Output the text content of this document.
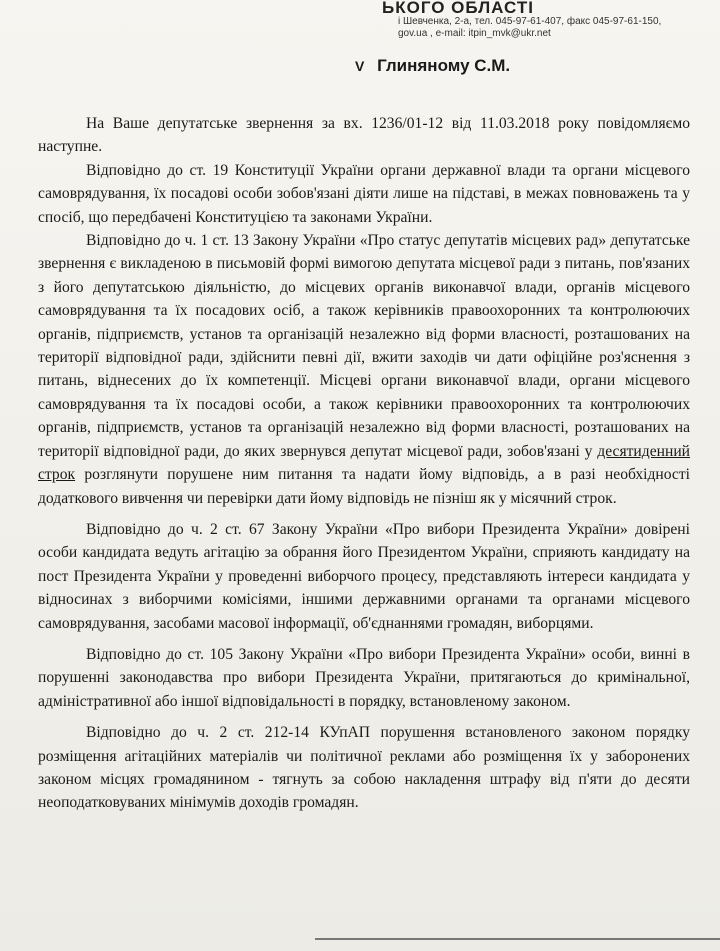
ЬКОГО ОБЛАСТІ
і Шевченка, 2-а, тел. 045-97-61-407, факс 045-97-61-150,
gov.ua , e-mail: itpin_mvk@ukr.net
V Глиняному С.М.

На Ваше депутатське звернення за вх. 1236/01-12 від 11.03.2018 року повідомляємо наступне.

Відповідно до ст. 19 Конституції України органи державної влади та органи місцевого самоврядування, їх посадові особи зобов'язані діяти лише на підставі, в межах повноважень та у спосіб, що передбачені Конституцією та законами України.

Відповідно до ч. 1 ст. 13 Закону України «Про статус депутатів місцевих рад» депутатське звернення є викладеною в письмовій формі вимогою депутата місцевої ради з питань, пов'язаних з його депутатською діяльністю, до місцевих органів виконавчої влади, органів місцевого самоврядування та їх посадових осіб, а також керівників правоохоронних та контролюючих органів, підприємств, установ та організацій незалежно від форми власності, розташованих на території відповідної ради, здійснити певні дії, вжити заходів чи дати офіційне роз'яснення з питань, віднесених до їх компетенції. Місцеві органи виконавчої влади, органи місцевого самоврядування та їх посадові особи, а також керівники правоохоронних та контролюючих органів, підприємств, установ та організацій незалежно від форми власності, розташованих на території відповідної ради, до яких звернувся депутат місцевої ради, зобов'язані у десятиденний строк розглянути порушене ним питання та надати йому відповідь, а в разі необхідності додаткового вивчення чи перевірки дати йому відповідь не пізніш як у місячний строк.

Відповідно до ч. 2 ст. 67 Закону України «Про вибори Президента України» довірені особи кандидата ведуть агітацію за обрання його Президентом України, сприяють кандидату на пост Президента України у проведенні виборчого процесу, представляють інтереси кандидата у відносинах з виборчими комісіями, іншими державними органами та органами місцевого самоврядування, засобами масової інформації, об'єднаннями громадян, виборцями.

Відповідно до ст. 105 Закону України «Про вибори Президента України» особи, винні в порушенні законодавства про вибори Президента України, притягаються до кримінальної, адміністративної або іншої відповідальності в порядку, встановленому законом.

Відповідно до ч. 2 ст. 212-14 КУпАП порушення встановленого законом порядку розміщення агітаційних матеріалів чи політичної реклами або розміщення їх у заборонених законом місцях громадянином - тягнуть за собою накладення штрафу від п'яти до десяти неоподатковуваних мінімумів доходів громадян.
